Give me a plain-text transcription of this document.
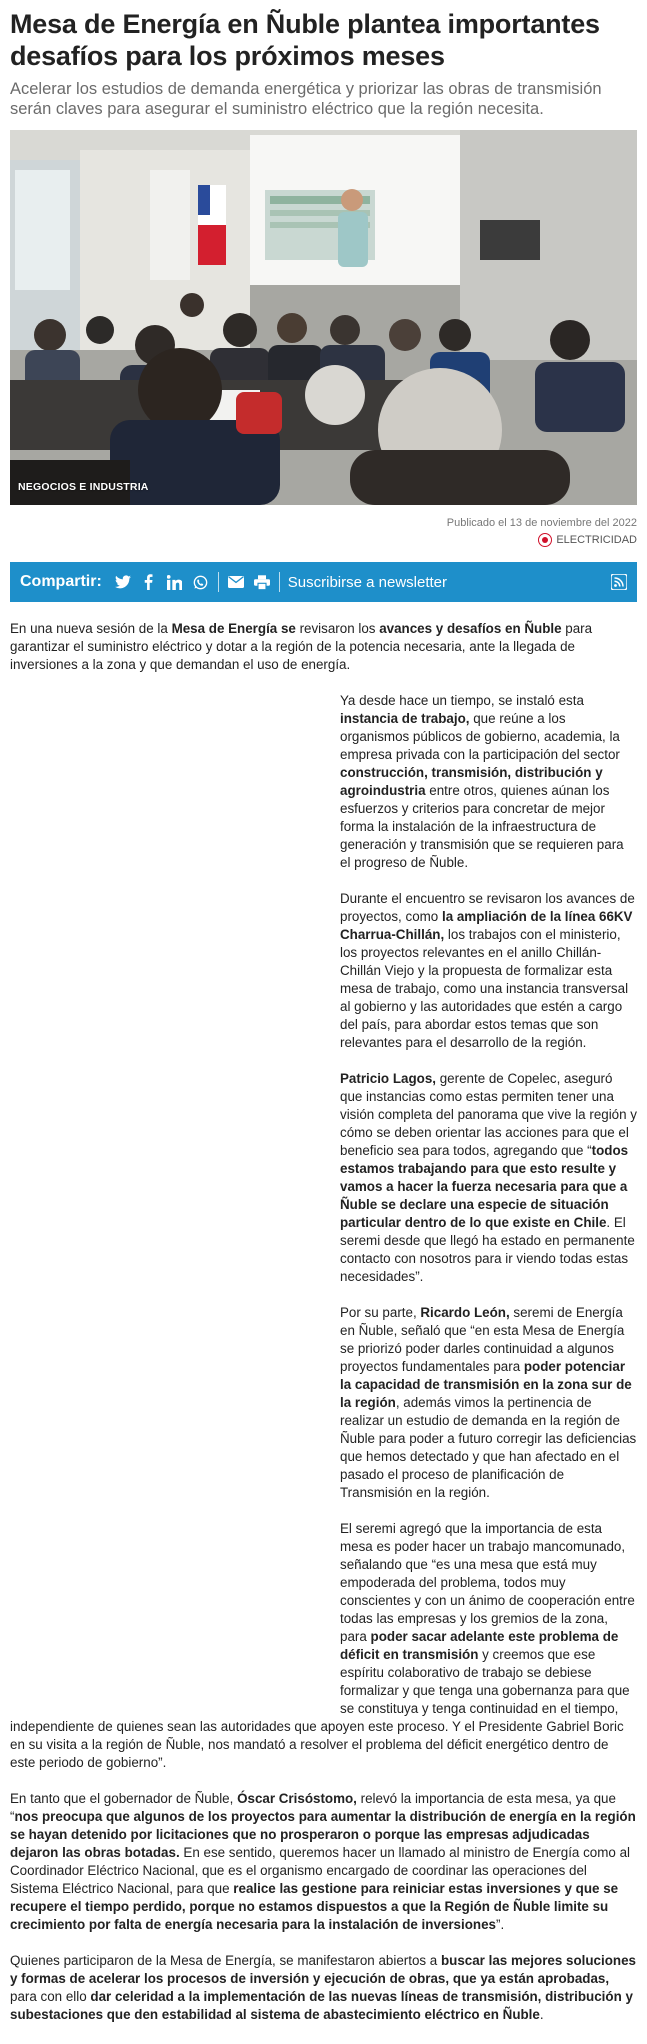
Mesa de Energía en Ñuble plantea importantes desafíos para los próximos meses

Acelerar los estudios de demanda energética y priorizar las obras de transmisión serán claves para asegurar el suministro eléctrico que la región necesita.

NEGOCIOS E INDUSTRIA
Publicado el 13 de noviembre del 2022
ELECTRICIDAD
Compartir:	Suscribirse a newsletter

En una nueva sesión de la Mesa de Energía se revisaron los avances y desafíos en Ñuble para garantizar el suministro eléctrico y dotar a la región de la potencia necesaria, ante la llegada de inversiones a la zona y que demandan el uso de energía.

Ya desde hace un tiempo, se instaló esta instancia de trabajo, que reúne a los organismos públicos de gobierno, academia, la empresa privada con la participación del sector construcción, transmisión, distribución y agroindustria entre otros, quienes aúnan los esfuerzos y criterios para concretar de mejor forma la instalación de la infraestructura de generación y transmisión que se requieren para el progreso de Ñuble.

Durante el encuentro se revisaron los avances de proyectos, como la ampliación de la línea 66KV Charrua-Chillán, los trabajos con el ministerio, los proyectos relevantes en el anillo Chillán-Chillán Viejo y la propuesta de formalizar esta mesa de trabajo, como una instancia transversal al gobierno y las autoridades que estén a cargo del país, para abordar estos temas que son relevantes para el desarrollo de la región.

Patricio Lagos, gerente de Copelec, aseguró que instancias como estas permiten tener una visión completa del panorama que vive la región y cómo se deben orientar las acciones para que el beneficio sea para todos, agregando que “todos estamos trabajando para que esto resulte y vamos a hacer la fuerza necesaria para que a Ñuble se declare una especie de situación particular dentro de lo que existe en Chile. El seremi desde que llegó ha estado en permanente contacto con nosotros para ir viendo todas estas necesidades”.

Por su parte, Ricardo León, seremi de Energía en Ñuble, señaló que “en esta Mesa de Energía se priorizó poder darles continuidad a algunos proyectos fundamentales para poder potenciar la capacidad de transmisión en la zona sur de la región, además vimos la pertinencia de realizar un estudio de demanda en la región de Ñuble para poder a futuro corregir las deficiencias que hemos detectado y que han afectado en el pasado el proceso de planificación de Transmisión en la región.

El seremi agregó que la importancia de esta mesa es poder hacer un trabajo mancomunado, señalando que “es una mesa que está muy empoderada del problema, todos muy conscientes y con un ánimo de cooperación entre todas las empresas y los gremios de la zona, para poder sacar adelante este problema de déficit en transmisión y creemos que ese espíritu colaborativo de trabajo se debiese formalizar y que tenga una gobernanza para que se constituya y tenga continuidad en el tiempo, independiente de quienes sean las autoridades que apoyen este proceso. Y el Presidente Gabriel Boric en su visita a la región de Ñuble, nos mandató a resolver el problema del déficit energético dentro de este periodo de gobierno”.

En tanto que el gobernador de Ñuble, Óscar Crisóstomo, relevó la importancia de esta mesa, ya que “nos preocupa que algunos de los proyectos para aumentar la distribución de energía en la región se hayan detenido por licitaciones que no prosperaron o porque las empresas adjudicadas dejaron las obras botadas. En ese sentido, queremos hacer un llamado al ministro de Energía como al Coordinador Eléctrico Nacional, que es el organismo encargado de coordinar las operaciones del Sistema Eléctrico Nacional, para que realice las gestione para reiniciar estas inversiones y que se recupere el tiempo perdido, porque no estamos dispuestos a que la Región de Ñuble limite su crecimiento por falta de energía necesaria para la instalación de inversiones”.

Quienes participaron de la Mesa de Energía, se manifestaron abiertos a buscar las mejores soluciones y formas de acelerar los procesos de inversión y ejecución de obras, que ya están aprobadas, para con ello dar celeridad a la implementación de las nuevas líneas de transmisión, distribución y subestaciones que den estabilidad al sistema de abastecimiento eléctrico en Ñuble.
